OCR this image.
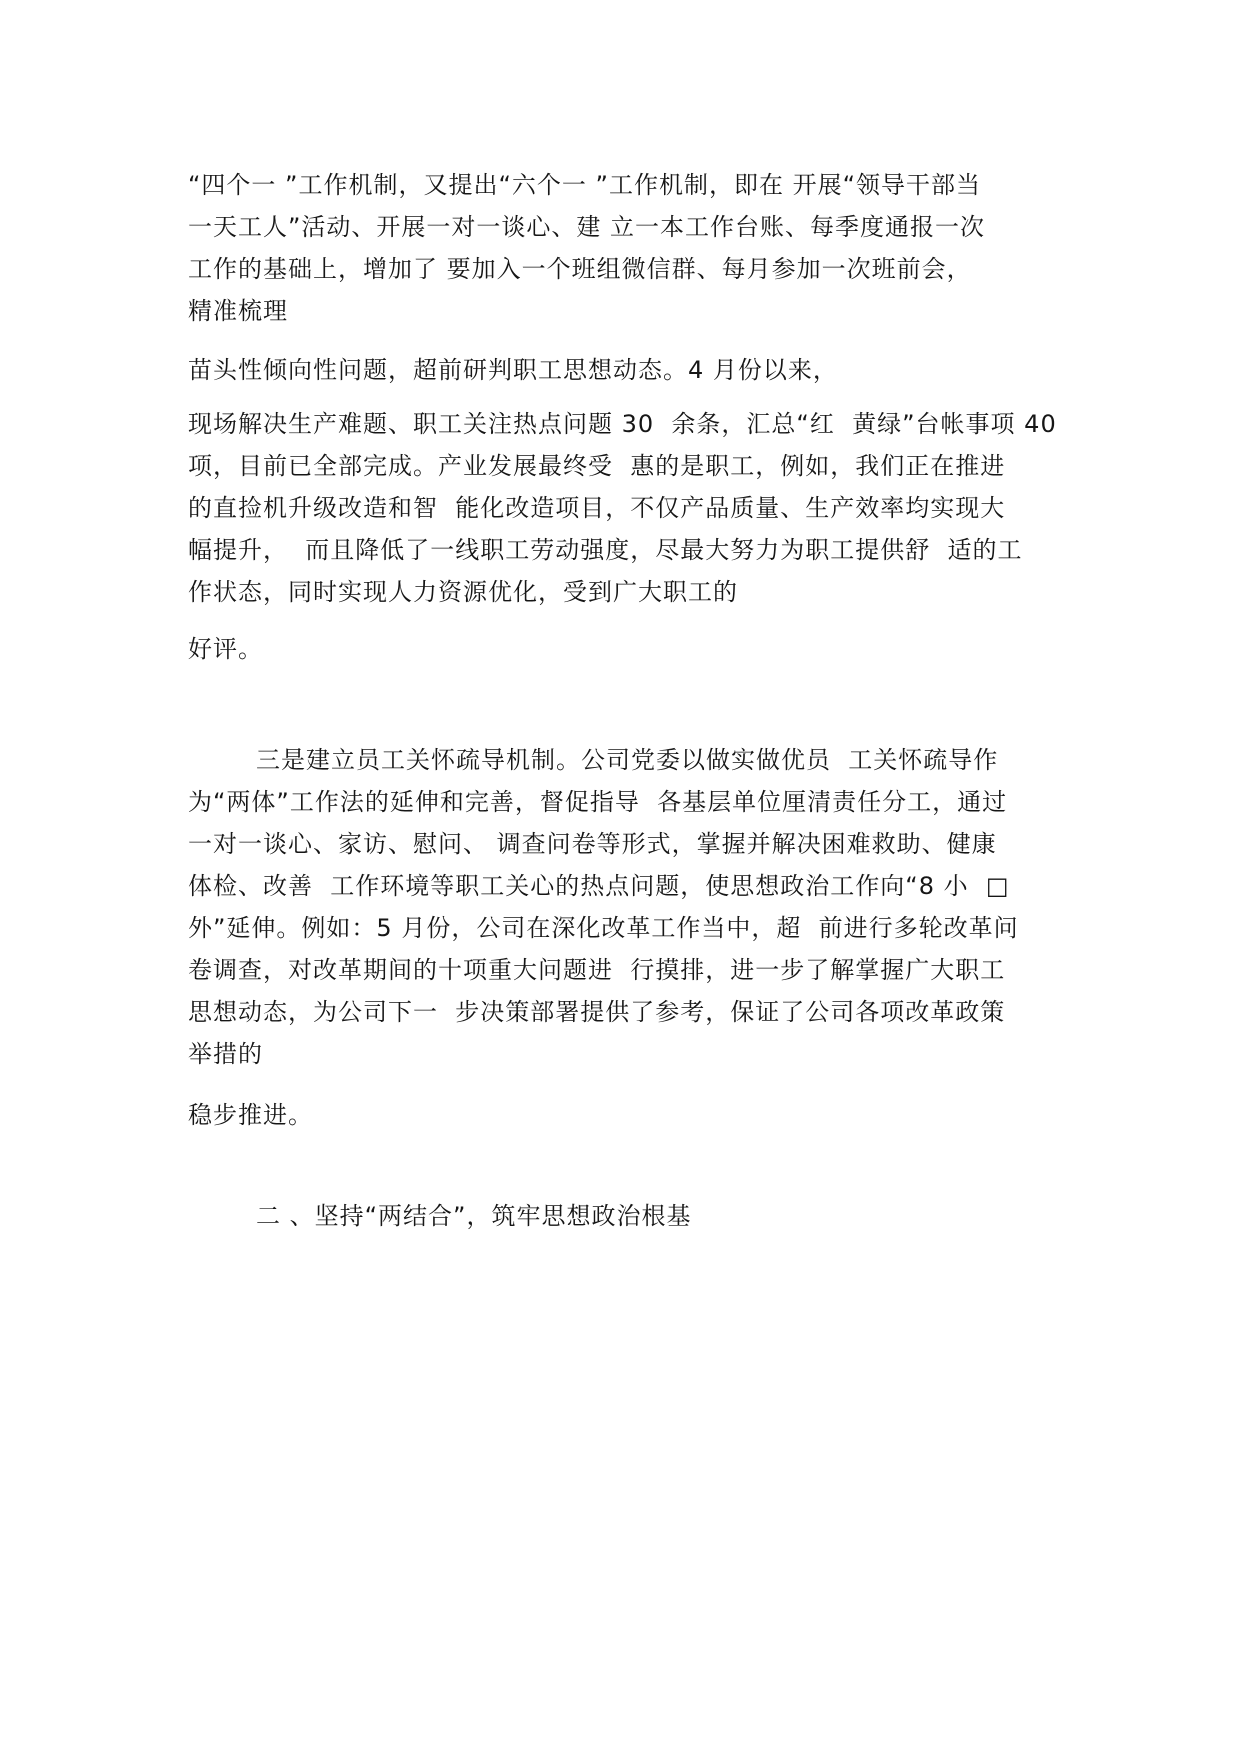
“四个一 ”工作机制，又提出“六个一 ”工作机制，即在 开展“领导干部当
一天工人”活动、开展一对一谈心、建 立一本工作台账、每季度通报一次
工作的基础上，增加了 要加入一个班组微信群、每月参加一次班前会，
精准梳理
苗头性倾向性问题，超前研判职工思想动态。4 月份以来，
现场解决生产难题、职工关注热点问题 30  余条，汇总“红  黄绿”台帐事项 40
项，目前已全部完成。产业发展最终受  惠的是职工，例如，我们正在推进
的直捡机升级改造和智  能化改造项目，不仅产品质量、生产效率均实现大
幅提升，  而且降低了一线职工劳动强度，尽最大努力为职工提供舒  适的工
作状态，同时实现人力资源优化，受到广大职工的
好评。
三是建立员工关怀疏导机制。公司党委以做实做优员  工关怀疏导作
为“两体”工作法的延伸和完善，督促指导  各基层单位厘清责任分工，通过
一对一谈心、家访、慰问、 调查问卷等形式，掌握并解决困难救助、健康
体检、改善  工作环境等职工关心的热点问题，使思想政治工作向“8 小  □
外”延伸。例如：5 月份，公司在深化改革工作当中，超  前进行多轮改革问
卷调查，对改革期间的十项重大问题进  行摸排，进一步了解掌握广大职工
思想动态，为公司下一  步决策部署提供了参考，保证了公司各项改革政策
举措的
稳步推进。
二 、坚持“两结合”，筑牢思想政治根基
